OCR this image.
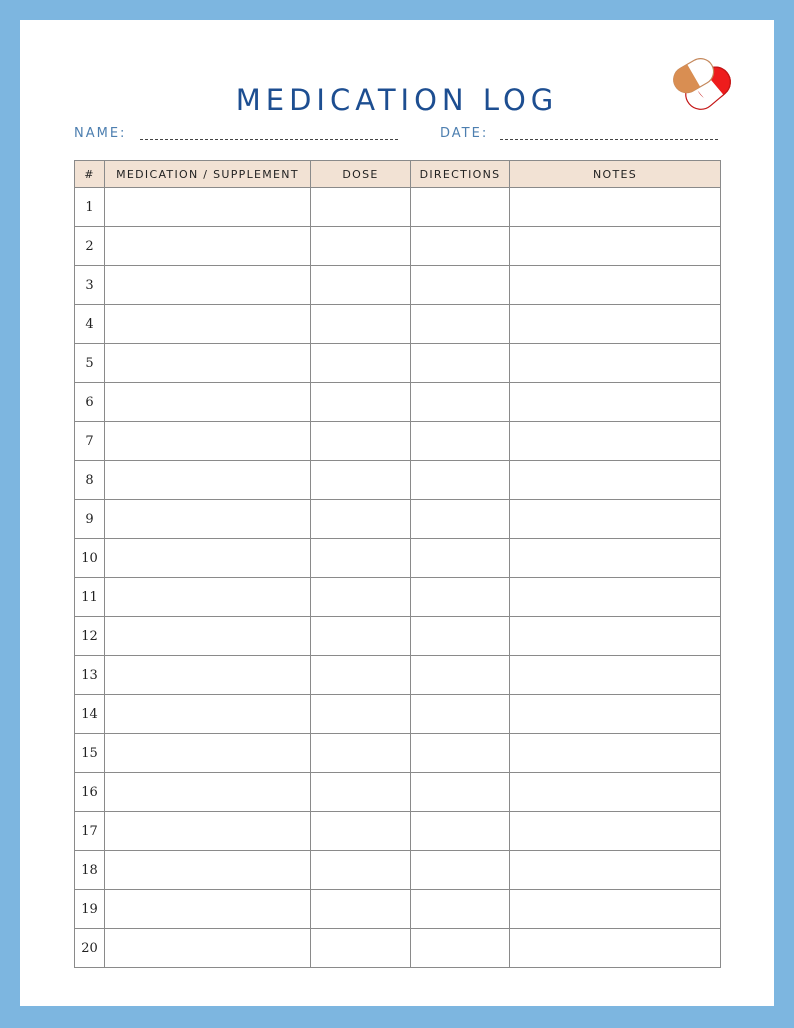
MEDICATION LOG
NAME:	DATE:
#	MEDICATION / SUPPLEMENT	DOSE	DIRECTIONS	NOTES
1				
2				
3				
4				
5				
6				
7				
8				
9				
10				
11				
12				
13				
14				
15				
16				
17				
18				
19				
20				
